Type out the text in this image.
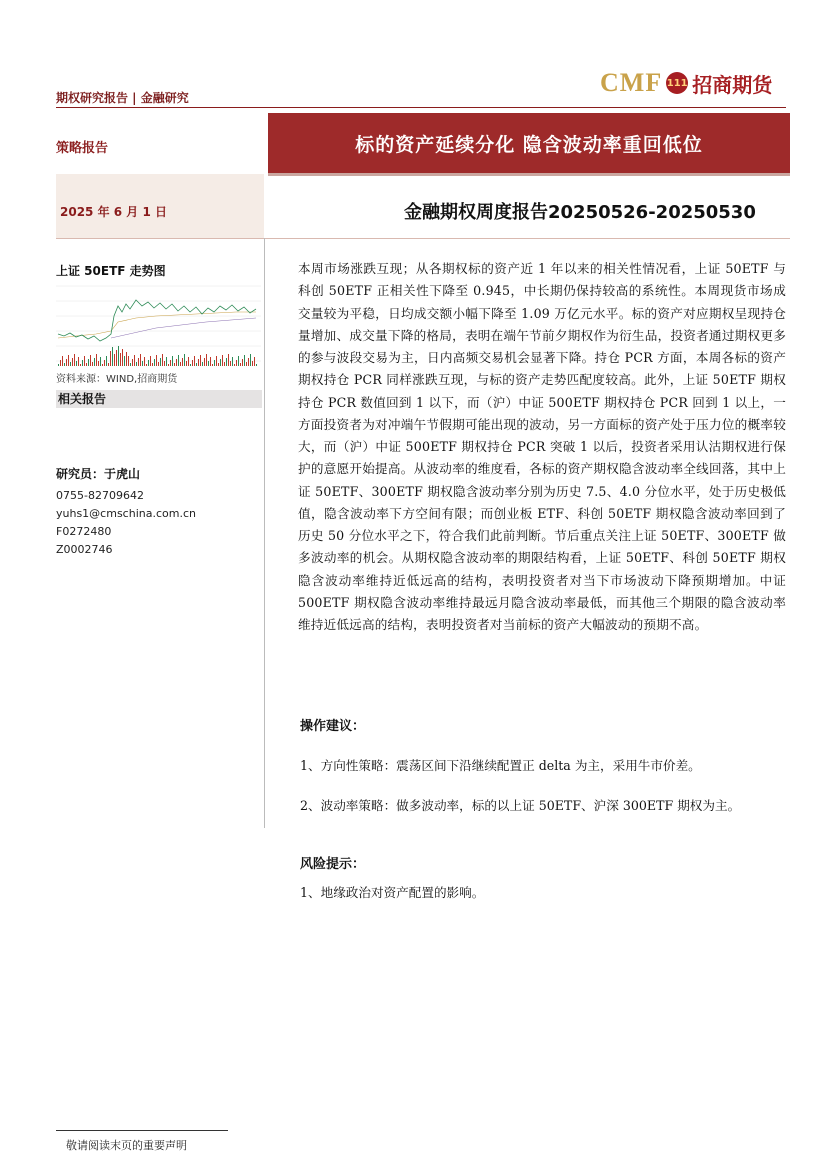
期权研究报告 | 金融研究
CMF 111 招商期货
策略报告	标的资产延续分化 隐含波动率重回低位
2025 年 6 月 1 日	金融期权周度报告20250526-20250530
上证 50ETF 走势图
资料来源：WIND,招商期货
相关报告
研究员：于虎山
0755-82709642
yuhs1@cmschina.com.cn
F0272480
Z0002746
本周市场涨跌互现；从各期权标的资产近 1 年以来的相关性情况看，上证 50ETF 与科创 50ETF 正相关性下降至 0.945，中长期仍保持较高的系统性。本周现货市场成交量较为平稳，日均成交额小幅下降至 1.09 万亿元水平。标的资产对应期权呈现持仓量增加、成交量下降的格局，表明在端午节前夕期权作为衍生品，投资者通过期权更多的参与波段交易为主，日内高频交易机会显著下降。持仓 PCR 方面，本周各标的资产期权持仓 PCR 同样涨跌互现，与标的资产走势匹配度较高。此外，上证 50ETF 期权持仓 PCR 数值回到 1 以下，而（沪）中证 500ETF 期权持仓 PCR 回到 1 以上，一方面投资者为对冲端午节假期可能出现的波动，另一方面标的资产处于压力位的概率较大，而（沪）中证 500ETF 期权持仓 PCR 突破 1 以后，投资者采用认沽期权进行保护的意愿开始提高。从波动率的维度看，各标的资产期权隐含波动率全线回落，其中上证 50ETF、300ETF 期权隐含波动率分别为历史 7.5、4.0 分位水平，处于历史极低值，隐含波动率下方空间有限；而创业板 ETF、科创 50ETF 期权隐含波动率回到了历史 50 分位水平之下，符合我们此前判断。节后重点关注上证 50ETF、300ETF 做多波动率的机会。从期权隐含波动率的期限结构看，上证 50ETF、科创 50ETF 期权隐含波动率维持近低远高的结构，表明投资者对当下市场波动下降预期增加。中证 500ETF 期权隐含波动率维持最远月隐含波动率最低，而其他三个期限的隐含波动率维持近低远高的结构，表明投资者对当前标的资产大幅波动的预期不高。
操作建议：
1、方向性策略：震荡区间下沿继续配置正 delta 为主，采用牛市价差。
2、波动率策略：做多波动率，标的以上证 50ETF、沪深 300ETF 期权为主。
风险提示：
1、地缘政治对资产配置的影响。
敬请阅读末页的重要声明
